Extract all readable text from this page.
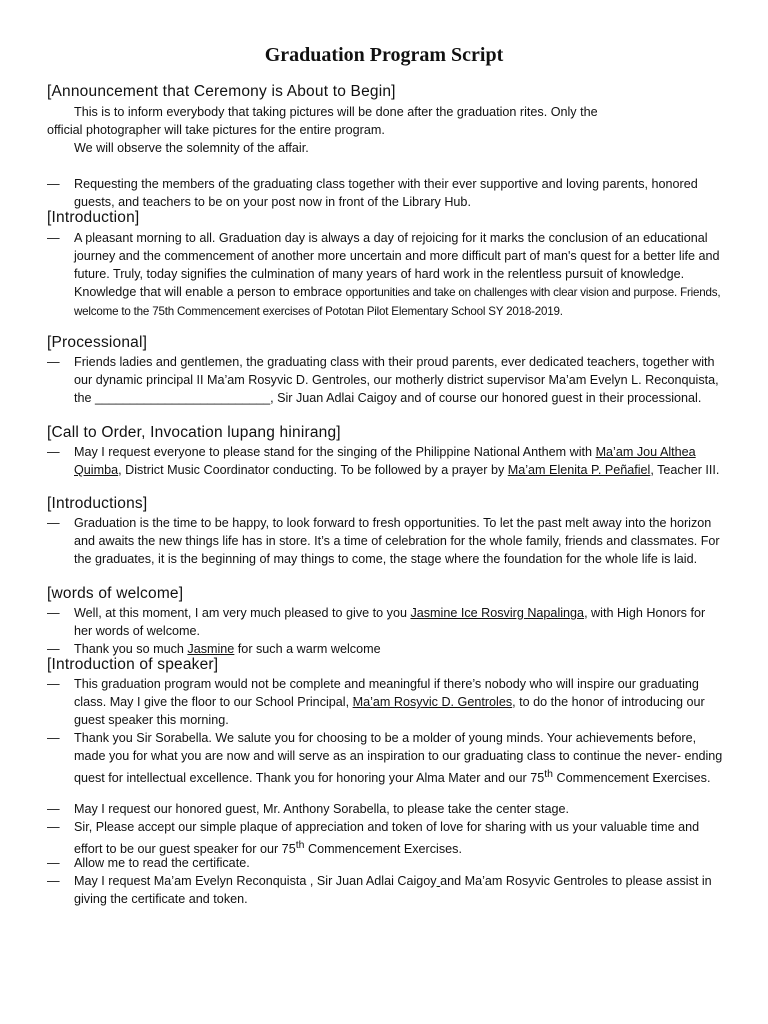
Graduation Program Script
[Announcement that Ceremony is About to Begin]
This is to inform everybody that taking pictures will be done after the graduation rites. Only the
official photographer will take pictures for the entire program.
We will observe the solemnity of the affair.
—	Requesting the members of the graduating class together with their ever supportive and loving parents, honored guests, and teachers to be on your post now in front of the Library Hub.
[Introduction]
—	A pleasant morning to all. Graduation day is always a day of rejoicing for it marks the conclusion of an educational journey and the commencement of another more uncertain and more difficult part of man's quest for a better life and future. Truly, today signifies the culmination of many years of hard work in the relentless pursuit of knowledge. Knowledge that will enable a person to embrace opportunities and take on challenges with clear vision and purpose. Friends, welcome to the 75th Commencement exercises of Pototan Pilot Elementary School SY 2018-2019.
[Processional]
—	Friends ladies and gentlemen, the graduating class with their proud parents, ever dedicated teachers, together with our dynamic principal II Ma’am Rosyvic D. Gentroles, our motherly district supervisor Ma’am Evelyn L. Reconquista, the _________________________, Sir Juan Adlai Caigoy and of course our honored guest in their processional.
[Call to Order, Invocation lupang hinirang]
—	May I request everyone to please stand for the singing of the Philippine National Anthem with Ma’am Jou Althea Quimba, District Music Coordinator conducting. To be followed by a prayer by Ma’am Elenita P. Peñafiel, Teacher III.
[Introductions]
—	Graduation is the time to be happy, to look forward to fresh opportunities. To let the past melt away into the horizon and awaits the new things life has in store. It’s a time of celebration for the whole family, friends and classmates. For the graduates, it is the beginning of may things to come, the stage where the foundation for the whole life is laid.
[words of welcome]
—	Well, at this moment, I am very much pleased to give to you Jasmine Ice Rosvirg Napalinga, with High Honors for her words of welcome.
—	Thank you so much Jasmine for such a warm welcome
[Introduction of speaker]
—	This graduation program would not be complete and meaningful if there’s nobody who will inspire our graduating class. May I give the floor to our School Principal, Ma’am Rosyvic D. Gentroles, to do the honor of introducing our guest speaker this morning.
—	Thank you Sir Sorabella. We salute you for choosing to be a molder of young minds. Your achievements before, made you for what you are now and will serve as an inspiration to our graduating class to continue the never- ending quest for intellectual excellence. Thank you for honoring your Alma Mater and our 75th Commencement Exercises.
—	May I request our honored guest, Mr. Anthony Sorabella, to please take the center stage.
—	Sir, Please accept our simple plaque of appreciation and token of love for sharing with us your valuable time and effort to be our guest speaker for our 75th Commencement Exercises.
—	Allow me to read the certificate.
—	May I request Ma’am Evelyn Reconquista , Sir Juan Adlai Caigoy and Ma’am Rosyvic Gentroles to please assist in giving the certificate and token.
